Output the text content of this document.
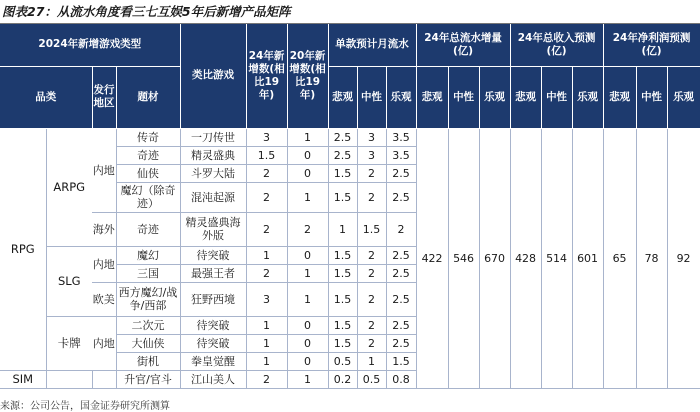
图表27：从流水角度看三七互娱5年后新增产品矩阵
2024年新增游戏类型				类比游戏	24年新增数(相比19年)	20年新增数(相比19年)	单款预计月流水			24年总流水增量(亿)			24年总收入预测(亿)			24年净利润预测(亿)		
品类		发行地区	题材				悲观	中性	乐观	悲观	中性	乐观	悲观	中性	乐观	悲观	中性	乐观
RPG	ARPG	内地	传奇	一刀传世	3	1	2.5	3	3.5	422	546	670	428	514	601	65	78	92
			奇迹	精灵盛典	1.5	0	2.5	3	3.5									
			仙侠	斗罗大陆	2	0	1.5	2	2.5									
			魔幻（除奇迹）	混沌起源	2	1	1.5	2	2.5									
		海外	奇迹	精灵盛典海外版	2	2	1	1.5	2									
	SLG	内地	魔幻	待突破	1	0	1.5	2	2.5									
			三国	最强王者	2	1	1.5	2	2.5									
		欧美	西方魔幻/战争/西部	狂野西境	3	1	1.5	2	2.5									
	卡牌	内地	二次元	待突破	1	0	1.5	2	2.5									
			大仙侠	待突破	1	0	1.5	2	2.5									
			街机	拳皇觉醒	1	0	0.5	1	1.5									
SIM			升官/官斗	江山美人	2	1	0.2	0.5	0.8									
来源：公司公告，国金证券研究所测算
